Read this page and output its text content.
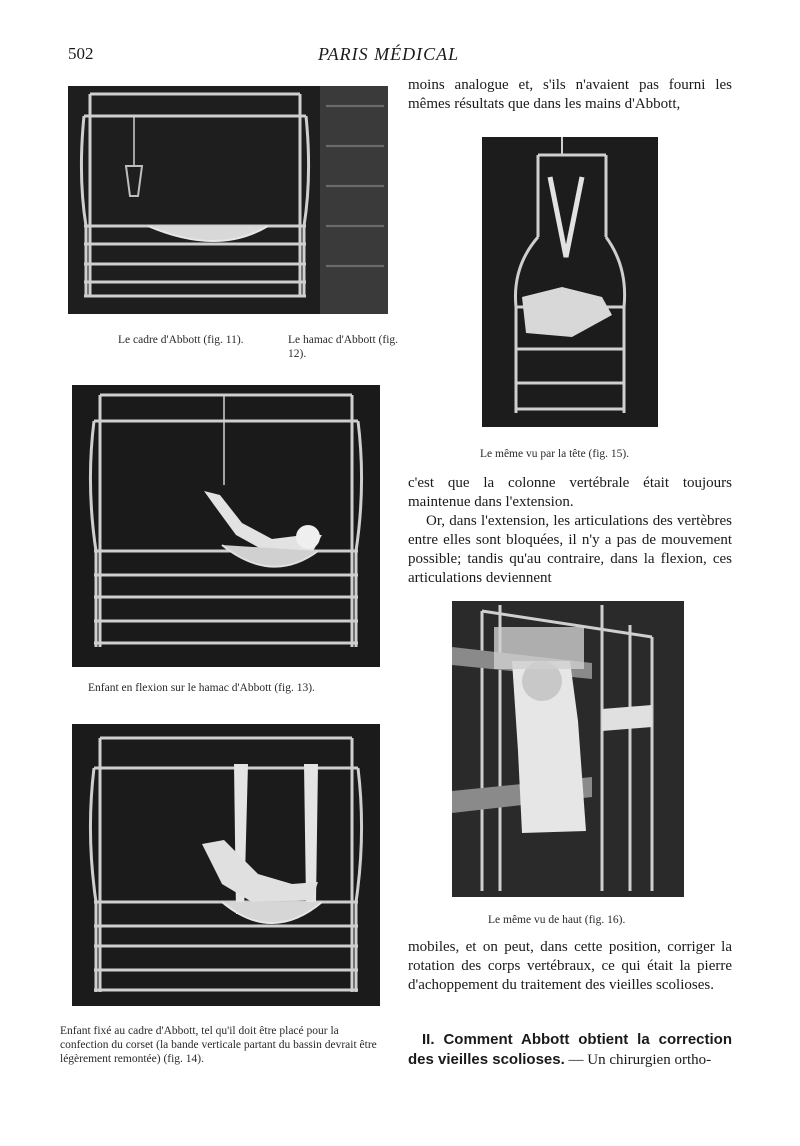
502	PARIS MÉDICAL
Le cadre d'Abbott (fig. 11).	Le hamac d'Abbott (fig. 12).
Enfant en flexion sur le hamac d'Abbott (fig. 13).
Enfant fixé au cadre d'Abbott, tel qu'il doit être placé pour la confection du corset (la bande verticale partant du bassin devrait être légèrement remontée) (fig. 14).

moins analogue et, s'ils n'avaient pas fourni les mêmes résultats que dans les mains d'Abbott,

Le même vu par la tête (fig. 15).

c'est que la colonne vertébrale était toujours maintenue dans l'extension.

Or, dans l'extension, les articulations des vertèbres entre elles sont bloquées, il n'y a pas de mouvement possible; tandis qu'au contraire, dans la flexion, ces articulations deviennent

Le même vu de haut (fig. 16).

mobiles, et on peut, dans cette position, corriger la rotation des corps vertébraux, ce qui était la pierre d'achoppement du traitement des vieilles scolioses.

II. Comment Abbott obtient la correction des vieilles scolioses. — Un chirurgien ortho-
